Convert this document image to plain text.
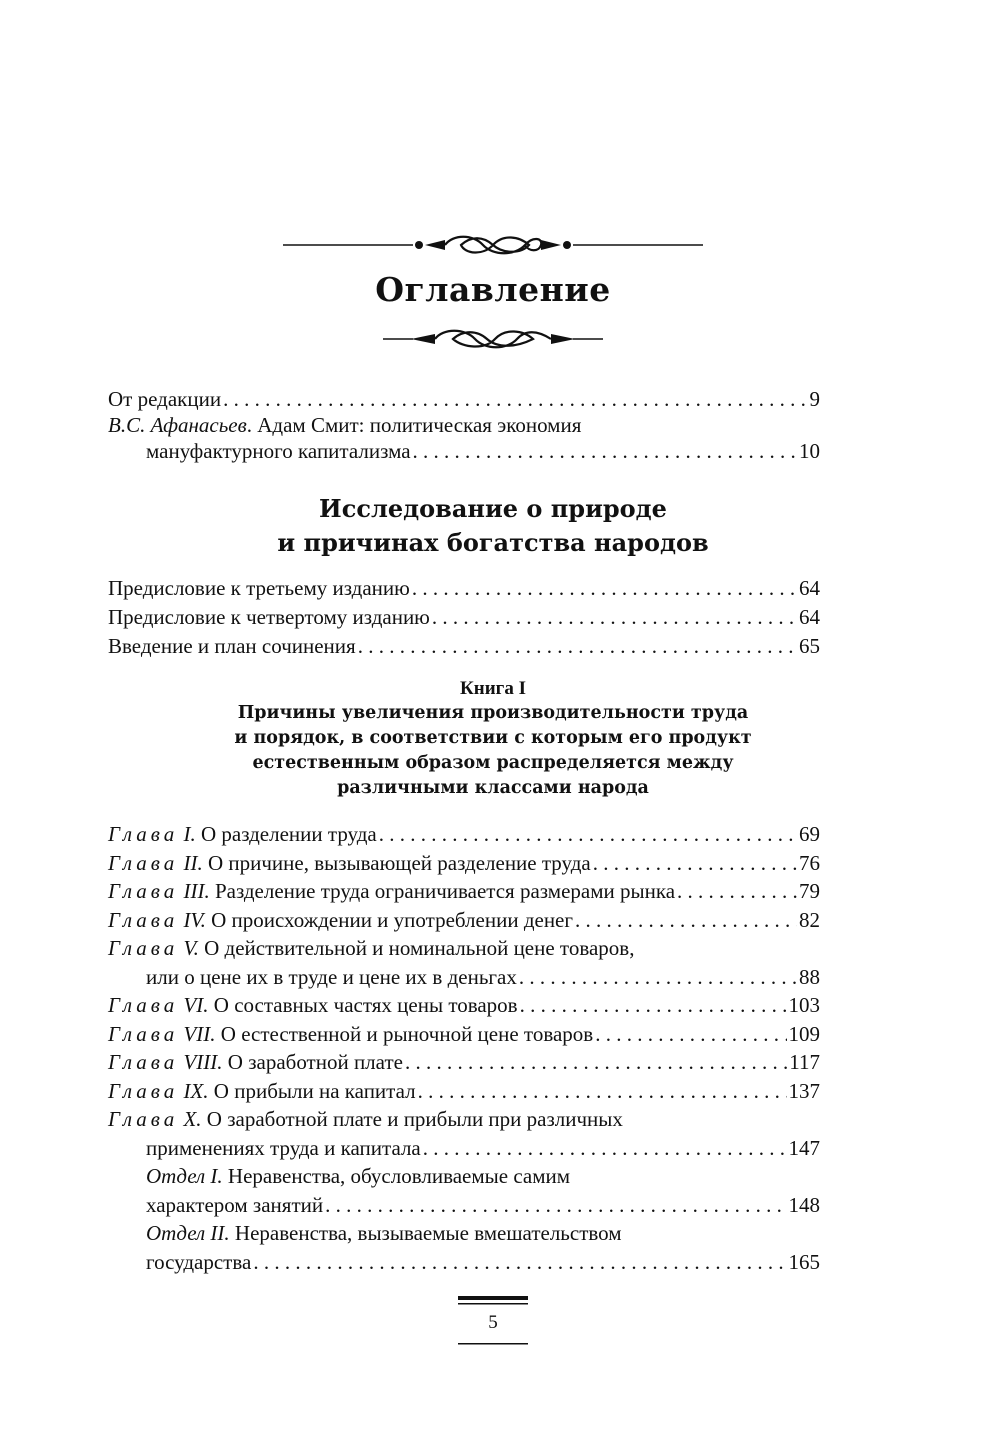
Оглавление
От редакции . . .	9
В.С. Афанасьев. Адам Смит: политическая экономия
мануфактурного капитализма . . .	10
Исследование о природе
и причинах богатства народов
Предисловие к третьему изданию . . .	64
Предисловие к четвертому изданию . . .	64
Введение и план сочинения . . .	65
Книга I
Причины увеличения производительности труда
и порядок, в соответствии с которым его продукт
естественным образом распределяется между
различными классами народа
Глава I. О разделении труда . . .	69
Глава II. О причине, вызывающей разделение труда . . .	76
Глава III. Разделение труда ограничивается размерами рынка . . .	79
Глава IV. О происхождении и употреблении денег . . .	82
Глава V. О действительной и номинальной цене товаров,
или о цене их в труде и цене их в деньгах . . .	88
Глава VI. О составных частях цены товаров . . .	103
Глава VII. О естественной и рыночной цене товаров . . .	109
Глава VIII. О заработной плате . . .	117
Глава IX. О прибыли на капитал . . .	137
Глава X. О заработной плате и прибыли при различных
применениях труда и капитала . . .	147
Отдел I. Неравенства, обусловливаемые самим
характером занятий . . .	148
Отдел II. Неравенства, вызываемые вмешательством
государства . . .	165
5
